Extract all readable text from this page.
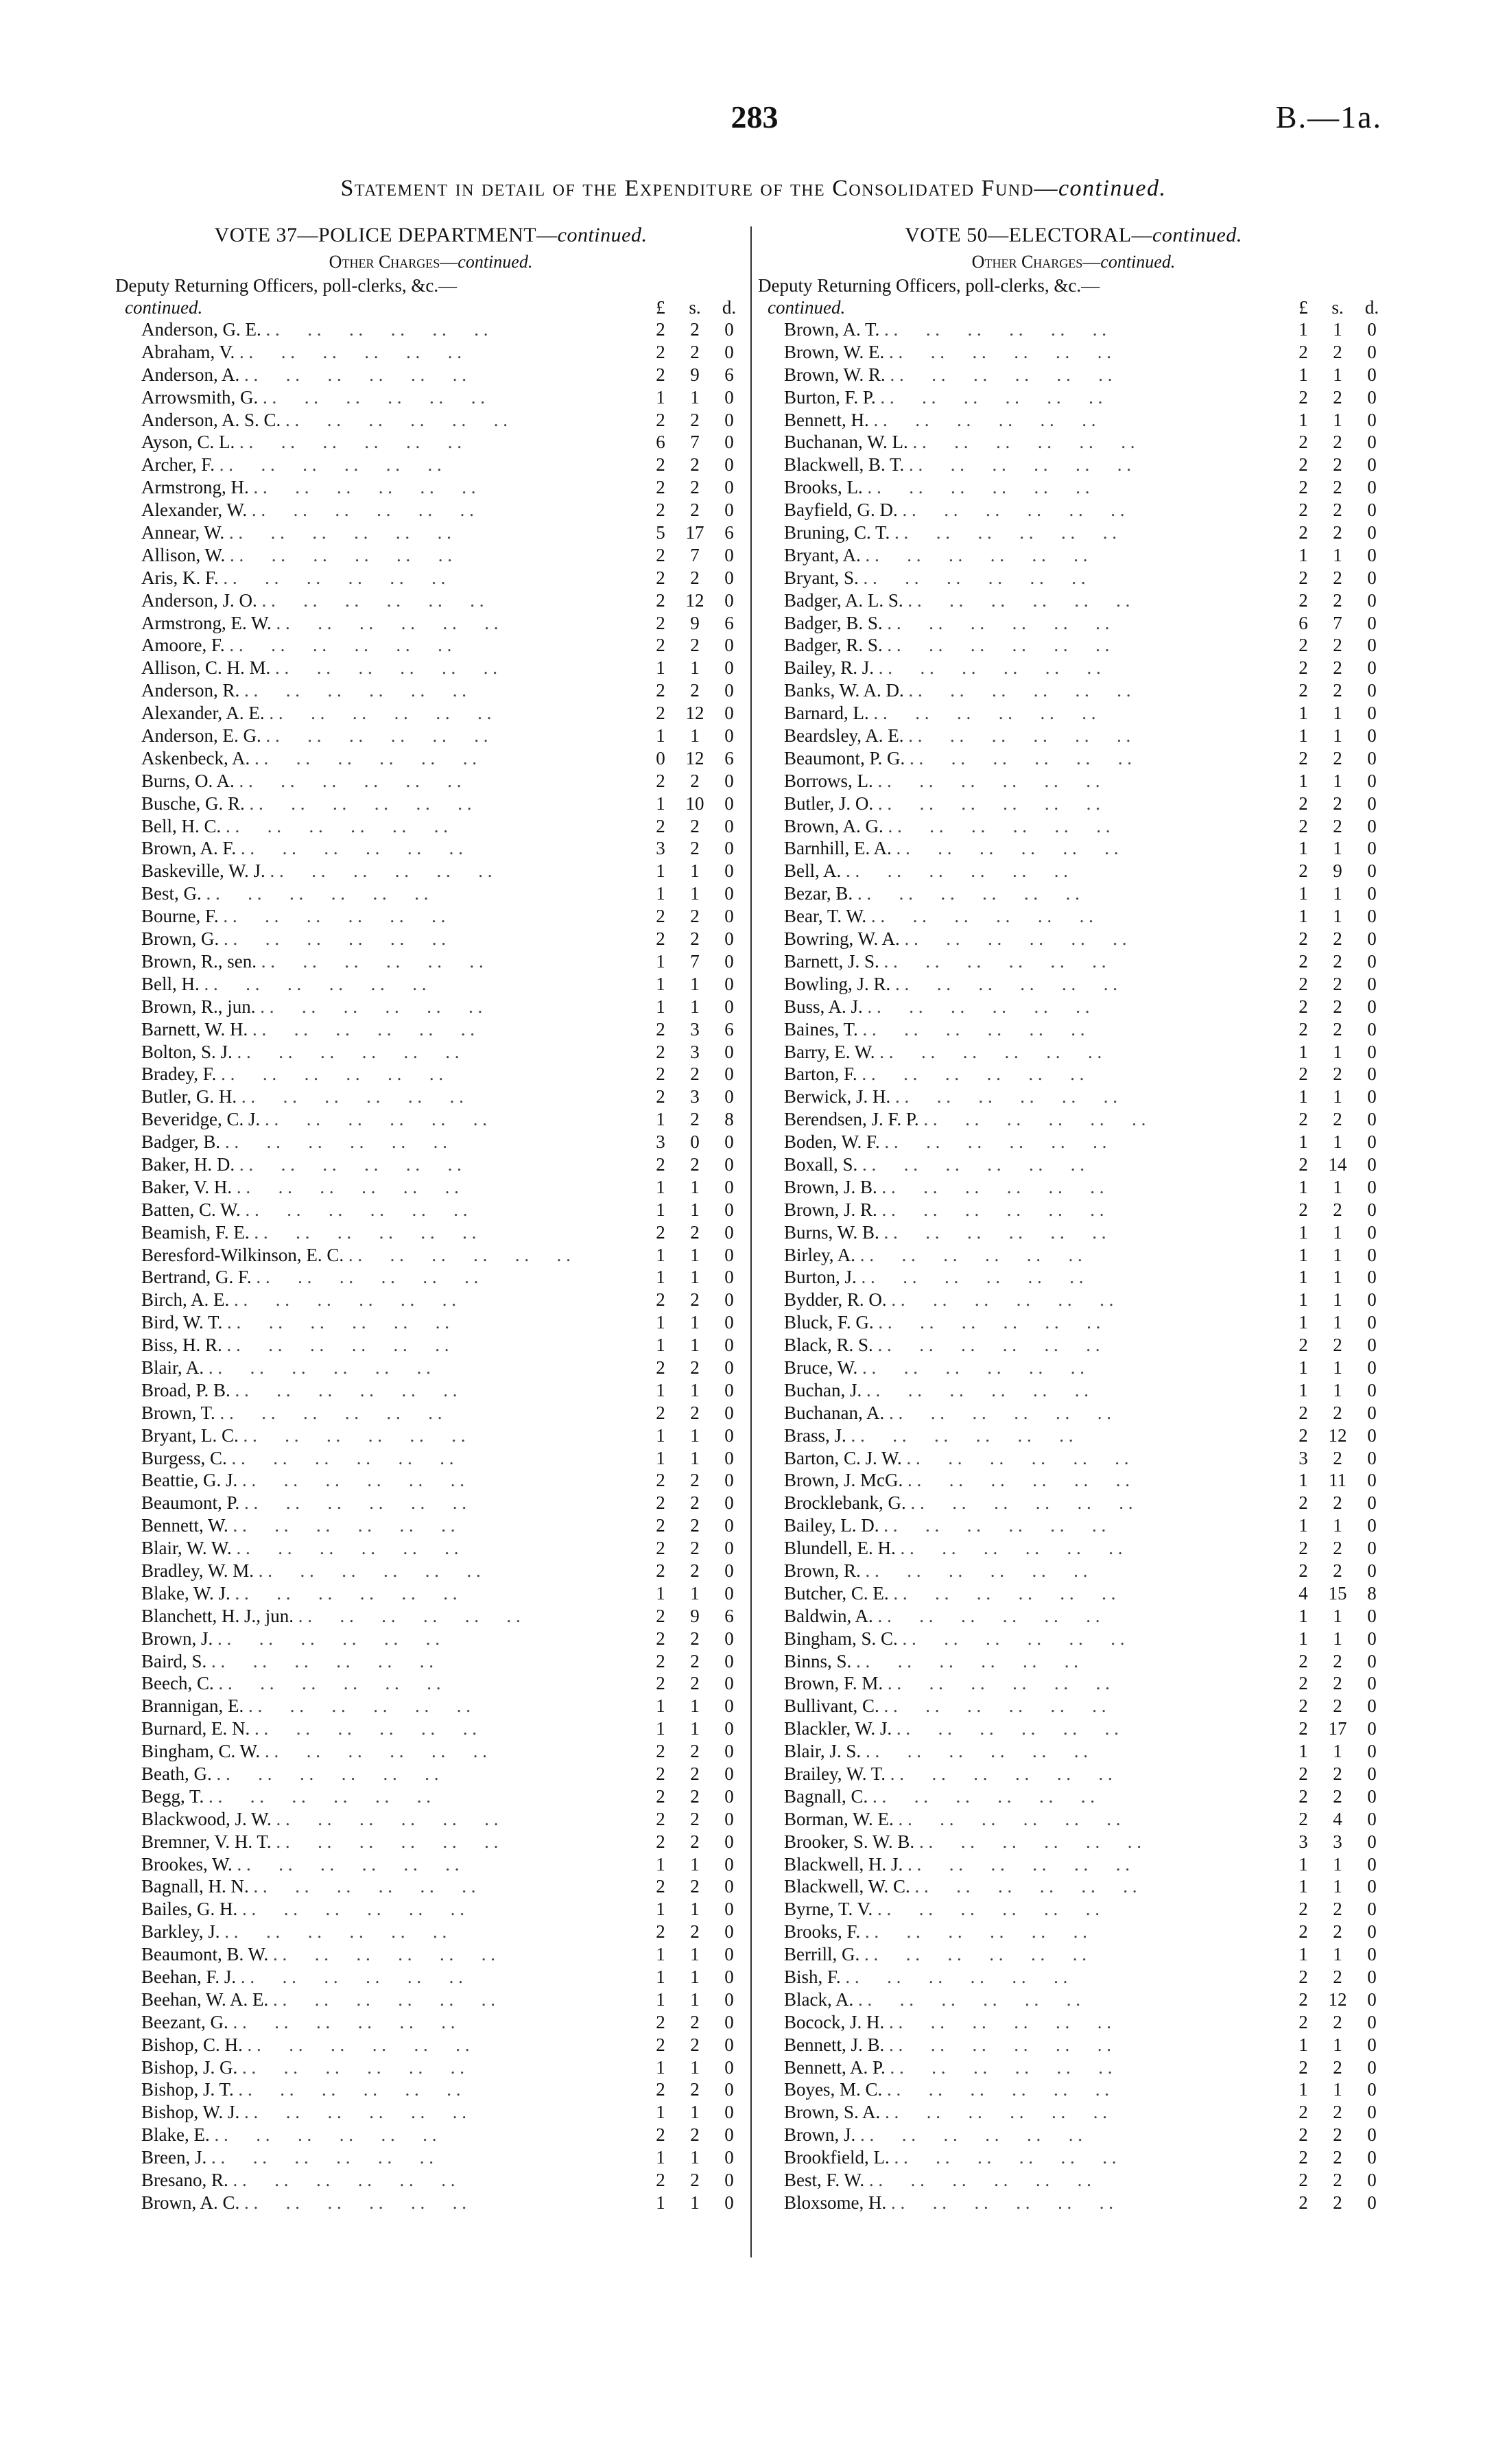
283	B.—1a.
Statement in detail of the Expenditure of the Consolidated Fund—continued.
VOTE 37—POLICE DEPARTMENT—continued.
Other Charges—continued.
Deputy Returning Officers, poll-clerks, &c.—
continued.	£	s.	d.
Anderson, G. E. . .	2	2	0
Abraham, V. . .	2	2	0
Anderson, A. . .	2	9	6
Arrowsmith, G. . .	1	1	0
Anderson, A. S. C. . .	2	2	0
Ayson, C. L. . .	6	7	0
Archer, F. . .	2	2	0
Armstrong, H. . .	2	2	0
Alexander, W. . .	2	2	0
Annear, W. . .	5	17	6
Allison, W. . .	2	7	0
Aris, K. F. . .	2	2	0
Anderson, J. O. . .	2	12	0
Armstrong, E. W. . .	2	9	6
Amoore, F. . .	2	2	0
Allison, C. H. M. . .	1	1	0
Anderson, R. . .	2	2	0
Alexander, A. E. . .	2	12	0
Anderson, E. G. . .	1	1	0
Askenbeck, A. . .	0	12	6
Burns, O. A. . .	2	2	0
Busche, G. R. . .	1	10	0
Bell, H. C. . .	2	2	0
Brown, A. F. . .	3	2	0
Baskeville, W. J. . .	1	1	0
Best, G. . .	1	1	0
Bourne, F. . .	2	2	0
Brown, G. . .	2	2	0
Brown, R., sen. . .	1	7	0
Bell, H. . .	1	1	0
Brown, R., jun. . .	1	1	0
Barnett, W. H. . .	2	3	6
Bolton, S. J. . .	2	3	0
Bradey, F. . .	2	2	0
Butler, G. H. . .	2	3	0
Beveridge, C. J. . .	1	2	8
Badger, B. . .	3	0	0
Baker, H. D. . .	2	2	0
Baker, V. H. . .	1	1	0
Batten, C. W. . .	1	1	0
Beamish, F. E. . .	2	2	0
Beresford-Wilkinson, E. C. . .	1	1	0
Bertrand, G. F. . .	1	1	0
Birch, A. E. . .	2	2	0
Bird, W. T. . .	1	1	0
Biss, H. R. . .	1	1	0
Blair, A. . .	2	2	0
Broad, P. B. . .	1	1	0
Brown, T. . .	2	2	0
Bryant, L. C. . .	1	1	0
Burgess, C. . .	1	1	0
Beattie, G. J. . .	2	2	0
Beaumont, P. . .	2	2	0
Bennett, W. . .	2	2	0
Blair, W. W. . .	2	2	0
Bradley, W. M. . .	2	2	0
Blake, W. J. . .	1	1	0
Blanchett, H. J., jun. . .	2	9	6
Brown, J. . .	2	2	0
Baird, S. . .	2	2	0
Beech, C. . .	2	2	0
Brannigan, E. . .	1	1	0
Burnard, E. N. . .	1	1	0
Bingham, C. W. . .	2	2	0
Beath, G. . .	2	2	0
Begg, T. . .	2	2	0
Blackwood, J. W. . .	2	2	0
Bremner, V. H. T. . .	2	2	0
Brookes, W. . .	1	1	0
Bagnall, H. N. . .	2	2	0
Bailes, G. H. . .	1	1	0
Barkley, J. . .	2	2	0
Beaumont, B. W. . .	1	1	0
Beehan, F. J. . .	1	1	0
Beehan, W. A. E. . .	1	1	0
Beezant, G. . .	2	2	0
Bishop, C. H. . .	2	2	0
Bishop, J. G. . .	1	1	0
Bishop, J. T. . .	2	2	0
Bishop, W. J. . .	1	1	0
Blake, E. . .	2	2	0
Breen, J. . .	1	1	0
Bresano, R. . .	2	2	0
Brown, A. C. . .	1	1	0
VOTE 50—ELECTORAL—continued.
Other Charges—continued.
Deputy Returning Officers, poll-clerks, &c.—
continued.	£	s.	d.
Brown, A. T. . .	1	1	0
Brown, W. E. . .	2	2	0
Brown, W. R. . .	1	1	0
Burton, F. P. . .	2	2	0
Bennett, H. . .	1	1	0
Buchanan, W. L. . .	2	2	0
Blackwell, B. T. . .	2	2	0
Brooks, L. . .	2	2	0
Bayfield, G. D. . .	2	2	0
Bruning, C. T. . .	2	2	0
Bryant, A. . .	1	1	0
Bryant, S. . .	2	2	0
Badger, A. L. S. . .	2	2	0
Badger, B. S. . .	6	7	0
Badger, R. S. . .	2	2	0
Bailey, R. J. . .	2	2	0
Banks, W. A. D. . .	2	2	0
Barnard, L. . .	1	1	0
Beardsley, A. E. . .	1	1	0
Beaumont, P. G. . .	2	2	0
Borrows, L. . .	1	1	0
Butler, J. O. . .	2	2	0
Brown, A. G. . .	2	2	0
Barnhill, E. A. . .	1	1	0
Bell, A. . .	2	9	0
Bezar, B. . .	1	1	0
Bear, T. W. . .	1	1	0
Bowring, W. A. . .	2	2	0
Barnett, J. S. . .	2	2	0
Bowling, J. R. . .	2	2	0
Buss, A. J. . .	2	2	0
Baines, T. . .	2	2	0
Barry, E. W. . .	1	1	0
Barton, F. . .	2	2	0
Berwick, J. H. . .	1	1	0
Berendsen, J. F. P. . .	2	2	0
Boden, W. F. . .	1	1	0
Boxall, S. . .	2	14	0
Brown, J. B. . .	1	1	0
Brown, J. R. . .	2	2	0
Burns, W. B. . .	1	1	0
Birley, A. . .	1	1	0
Burton, J. . .	1	1	0
Bydder, R. O. . .	1	1	0
Bluck, F. G. . .	1	1	0
Black, R. S. . .	2	2	0
Bruce, W. . .	1	1	0
Buchan, J. . .	1	1	0
Buchanan, A. . .	2	2	0
Brass, J. . .	2	12	0
Barton, C. J. W. . .	3	2	0
Brown, J. McG. . .	1	11	0
Brocklebank, G. . .	2	2	0
Bailey, L. D. . .	1	1	0
Blundell, E. H. . .	2	2	0
Brown, R. . .	2	2	0
Butcher, C. E. . .	4	15	8
Baldwin, A. . .	1	1	0
Bingham, S. C. . .	1	1	0
Binns, S. . .	2	2	0
Brown, F. M. . .	2	2	0
Bullivant, C. . .	2	2	0
Blackler, W. J. . .	2	17	0
Blair, J. S. . .	1	1	0
Brailey, W. T. . .	2	2	0
Bagnall, C. . .	2	2	0
Borman, W. E. . .	2	4	0
Brooker, S. W. B. . .	3	3	0
Blackwell, H. J. . .	1	1	0
Blackwell, W. C. . .	1	1	0
Byrne, T. V. . .	2	2	0
Brooks, F. . .	2	2	0
Berrill, G. . .	1	1	0
Bish, F. . .	2	2	0
Black, A. . .	2	12	0
Bocock, J. H. . .	2	2	0
Bennett, J. B. . .	1	1	0
Bennett, A. P. . .	2	2	0
Boyes, M. C. . .	1	1	0
Brown, S. A. . .	2	2	0
Brown, J. . .	2	2	0
Brookfield, L. . .	2	2	0
Best, F. W. . .	2	2	0
Bloxsome, H. . .	2	2	0
